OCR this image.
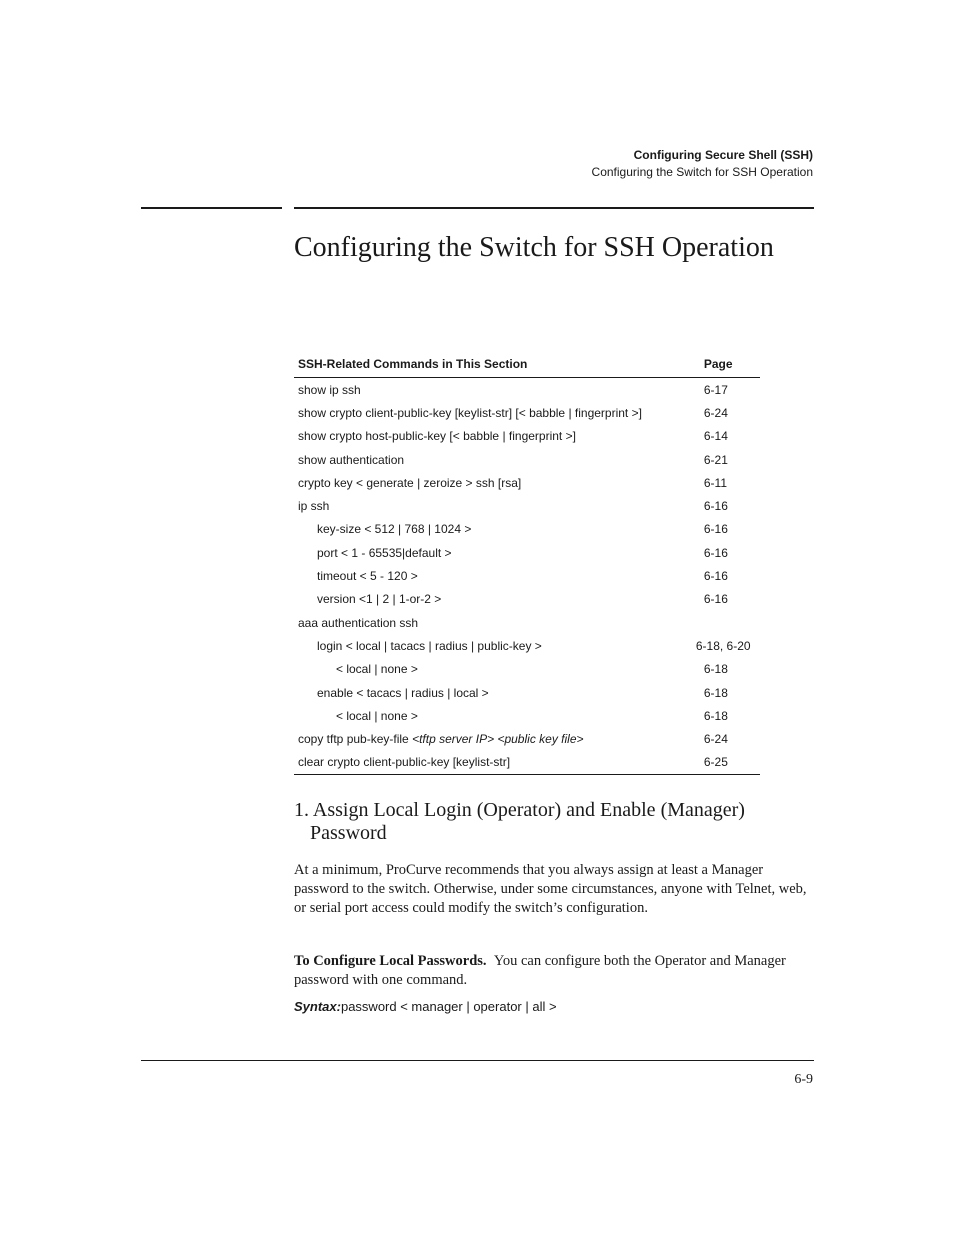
Configuring Secure Shell (SSH)
Configuring the Switch for SSH Operation
Configuring the Switch for SSH Operation
SSH-Related Commands in This Section	Page
show ip ssh	6-17
show crypto client-public-key [keylist-str] [< babble | fingerprint >]	6-24
show crypto host-public-key [< babble | fingerprint >]	6-14
show authentication	6-21
crypto key < generate | zeroize > ssh [rsa]	6-11
ip ssh	6-16
key-size < 512 | 768 | 1024 >	6-16
port < 1 - 65535|default >	6-16
timeout < 5 - 120 >	6-16
version <1 | 2 | 1-or-2 >	6-16
aaa authentication ssh	
login < local | tacacs | radius | public-key >	6-18, 6-20
< local | none >	6-18
enable < tacacs | radius | local >	6-18
< local | none >	6-18
copy tftp pub-key-file <tftp server IP> <public key file>	6-24
clear crypto client-public-key [keylist-str]	6-25
1. Assign Local Login (Operator) and Enable (Manager)
Password

At a minimum, ProCurve recommends that you always assign at least a Manager password to the switch. Otherwise, under some circumstances, anyone with Telnet, web, or serial port access could modify the switch’s configuration.

To Configure Local Passwords. You can configure both the Operator and Manager password with one command.

Syntax:password < manager | operator | all >
6-9
